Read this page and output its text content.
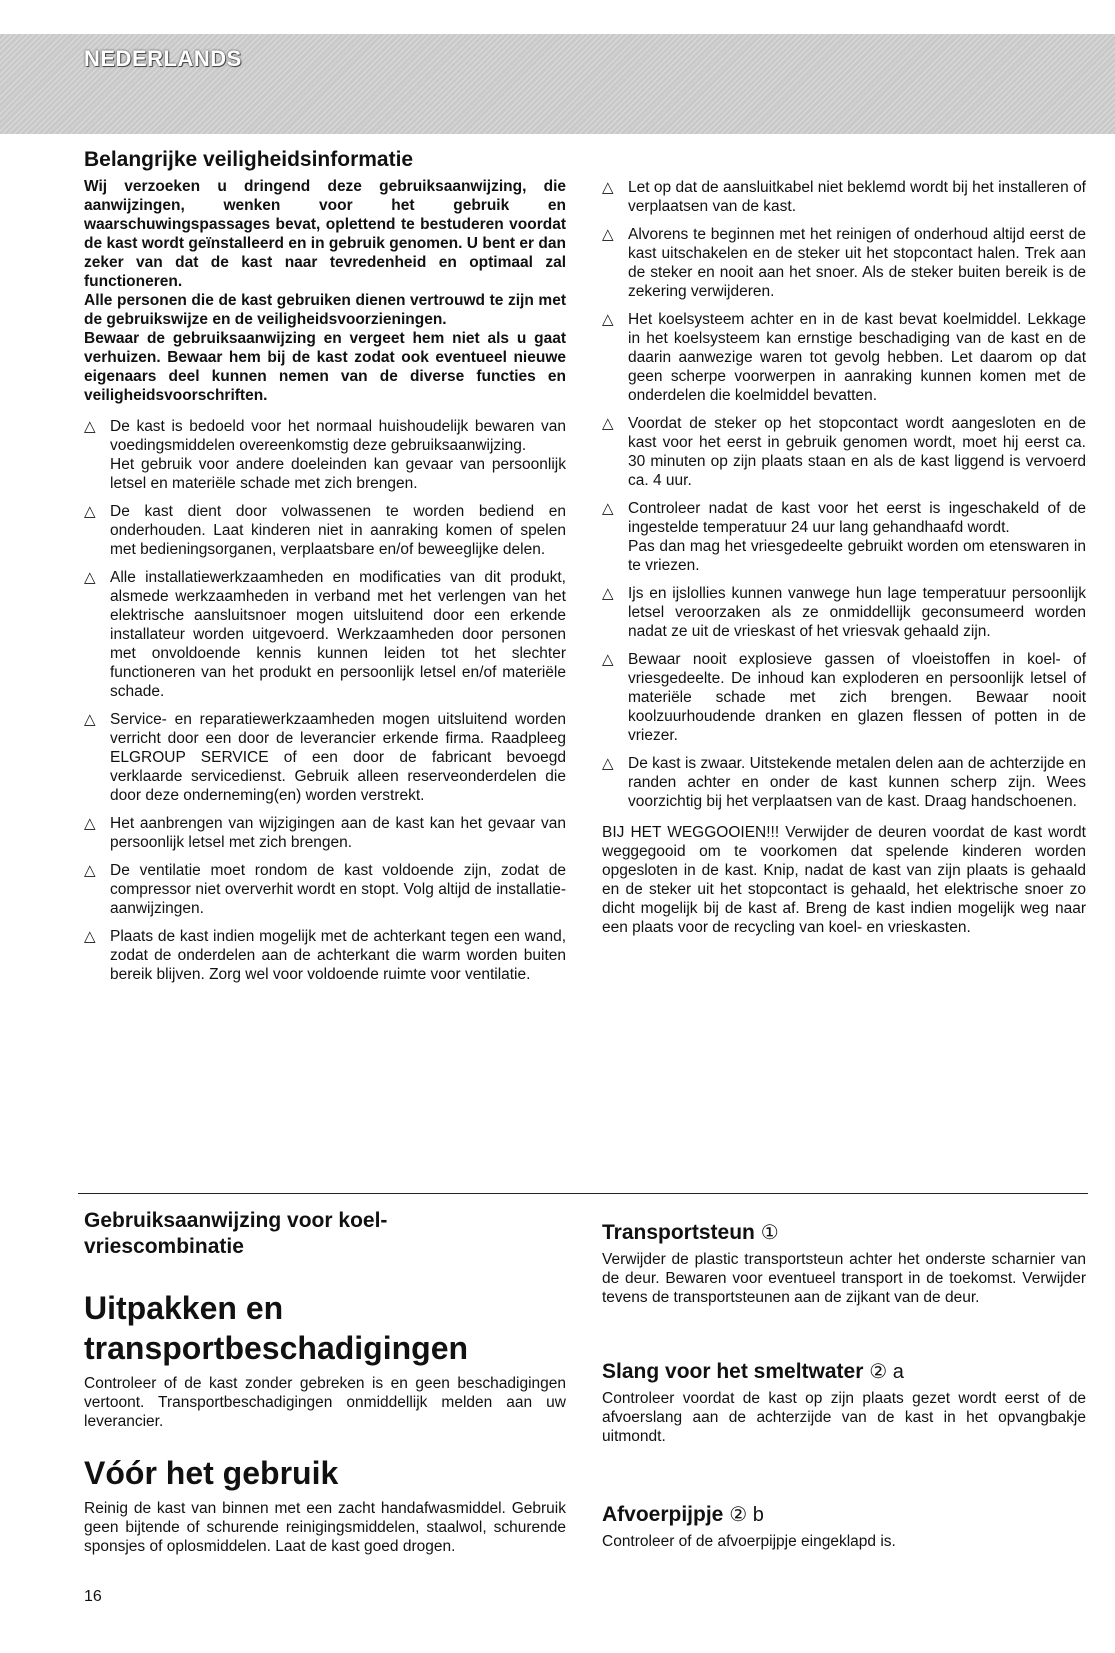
NEDERLANDS
Belangrijke veiligheidsinformatie

Wij verzoeken u dringend deze gebruiksaanwijzing, die aanwijzingen, wenken voor het gebruik en waarschuwingspassages bevat, oplettend te bestuderen voordat de kast wordt geïnstalleerd en in gebruik genomen. U bent er dan zeker van dat de kast naar tevredenheid en optimaal zal functioneren.

Alle personen die de kast gebruiken dienen vertrouwd te zijn met de gebruikswijze en de veiligheidsvoorzieningen.

Bewaar de gebruiksaanwijzing en vergeet hem niet als u gaat verhuizen. Bewaar hem bij de kast zodat ook eventueel nieuwe eigenaars deel kunnen nemen van de diverse functies en veiligheidsvoorschriften.

△ De kast is bedoeld voor het normaal huishoudelijk bewaren van voedingsmiddelen overeenkomstig deze gebruiksaanwijzing.
Het gebruik voor andere doeleinden kan gevaar van persoonlijk letsel en materiële schade met zich brengen.
△ De kast dient door volwassenen te worden bediend en onderhouden. Laat kinderen niet in aanraking komen of spelen met bedieningsorganen, verplaatsbare en/of beweeglijke delen.
△ Alle installatiewerkzaamheden en modificaties van dit produkt, alsmede werkzaamheden in verband met het verlengen van het elektrische aansluitsnoer mogen uitsluitend door een erkende installateur worden uitgevoerd. Werkzaamheden door personen met onvoldoende kennis kunnen leiden tot het slechter functioneren van het produkt en persoonlijk letsel en/of materiële schade.
△ Service- en reparatiewerkzaamheden mogen uitsluitend worden verricht door een door de leverancier erkende firma. Raadpleeg ELGROUP SERVICE of een door de fabricant bevoegd verklaarde servicedienst. Gebruik alleen reserveonderdelen die door deze onderneming(en) worden verstrekt.
△ Het aanbrengen van wijzigingen aan de kast kan het gevaar van persoonlijk letsel met zich brengen.
△ De ventilatie moet rondom de kast voldoende zijn, zodat de compressor niet oververhit wordt en stopt. Volg altijd de installatie-aanwijzingen.
△ Plaats de kast indien mogelijk met de achterkant tegen een wand, zodat de onderdelen aan de achterkant die warm worden buiten bereik blijven. Zorg wel voor voldoende ruimte voor ventilatie.
△ Let op dat de aansluitkabel niet beklemd wordt bij het installeren of verplaatsen van de kast.
△ Alvorens te beginnen met het reinigen of onderhoud altijd eerst de kast uitschakelen en de steker uit het stopcontact halen. Trek aan de steker en nooit aan het snoer. Als de steker buiten bereik is de zekering verwijderen.
△ Het koelsysteem achter en in de kast bevat koelmiddel. Lekkage in het koelsysteem kan ernstige beschadiging van de kast en de daarin aanwezige waren tot gevolg hebben. Let daarom op dat geen scherpe voorwerpen in aanraking kunnen komen met de onderdelen die koelmiddel bevatten.
△ Voordat de steker op het stopcontact wordt aangesloten en de kast voor het eerst in gebruik genomen wordt, moet hij eerst ca. 30 minuten op zijn plaats staan en als de kast liggend is vervoerd ca. 4 uur.
△ Controleer nadat de kast voor het eerst is ingeschakeld of de ingestelde temperatuur 24 uur lang gehandhaafd wordt.
Pas dan mag het vriesgedeelte gebruikt worden om etenswaren in te vriezen.
△ Ijs en ijslollies kunnen vanwege hun lage temperatuur persoonlijk letsel veroorzaken als ze onmiddellijk geconsumeerd worden nadat ze uit de vrieskast of het vriesvak gehaald zijn.
△ Bewaar nooit explosieve gassen of vloeistoffen in koel- of vriesgedeelte. De inhoud kan exploderen en persoonlijk letsel of materiële schade met zich brengen. Bewaar nooit koolzuurhoudende dranken en glazen flessen of potten in de vriezer.
△ De kast is zwaar. Uitstekende metalen delen aan de achterzijde en randen achter en onder de kast kunnen scherp zijn. Wees voorzichtig bij het verplaatsen van de kast. Draag handschoenen.

BIJ HET WEGGOOIEN!!! Verwijder de deuren voordat de kast wordt weggegooid om te voorkomen dat spelende kinderen worden opgesloten in de kast. Knip, nadat de kast van zijn plaats is gehaald en de steker uit het stopcontact is gehaald, het elektrische snoer zo dicht mogelijk bij de kast af. Breng de kast indien mogelijk weg naar een plaats voor de recycling van koel- en vrieskasten.

Gebruiksaanwijzing voor koel-vriescombinatie
Uitpakken en transportbeschadigingen

Controleer of de kast zonder gebreken is en geen beschadigingen vertoont. Transportbeschadigingen onmiddellijk melden aan uw leverancier.

Vóór het gebruik

Reinig de kast van binnen met een zacht handafwasmiddel. Gebruik geen bijtende of schurende reinigingsmiddelen, staalwol, schurende sponsjes of oplosmiddelen. Laat de kast goed drogen.

Transportsteun ①

Verwijder de plastic transportsteun achter het onderste scharnier van de deur. Bewaren voor eventueel transport in de toekomst. Verwijder tevens de transportsteunen aan de zijkant van de deur.

Slang voor het smeltwater ② a

Controleer voordat de kast op zijn plaats gezet wordt eerst of de afvoerslang aan de achterzijde van de kast in het opvangbakje uitmondt.

Afvoerpijpje ② b

Controleer of de afvoerpijpje eingeklapd is.

16
